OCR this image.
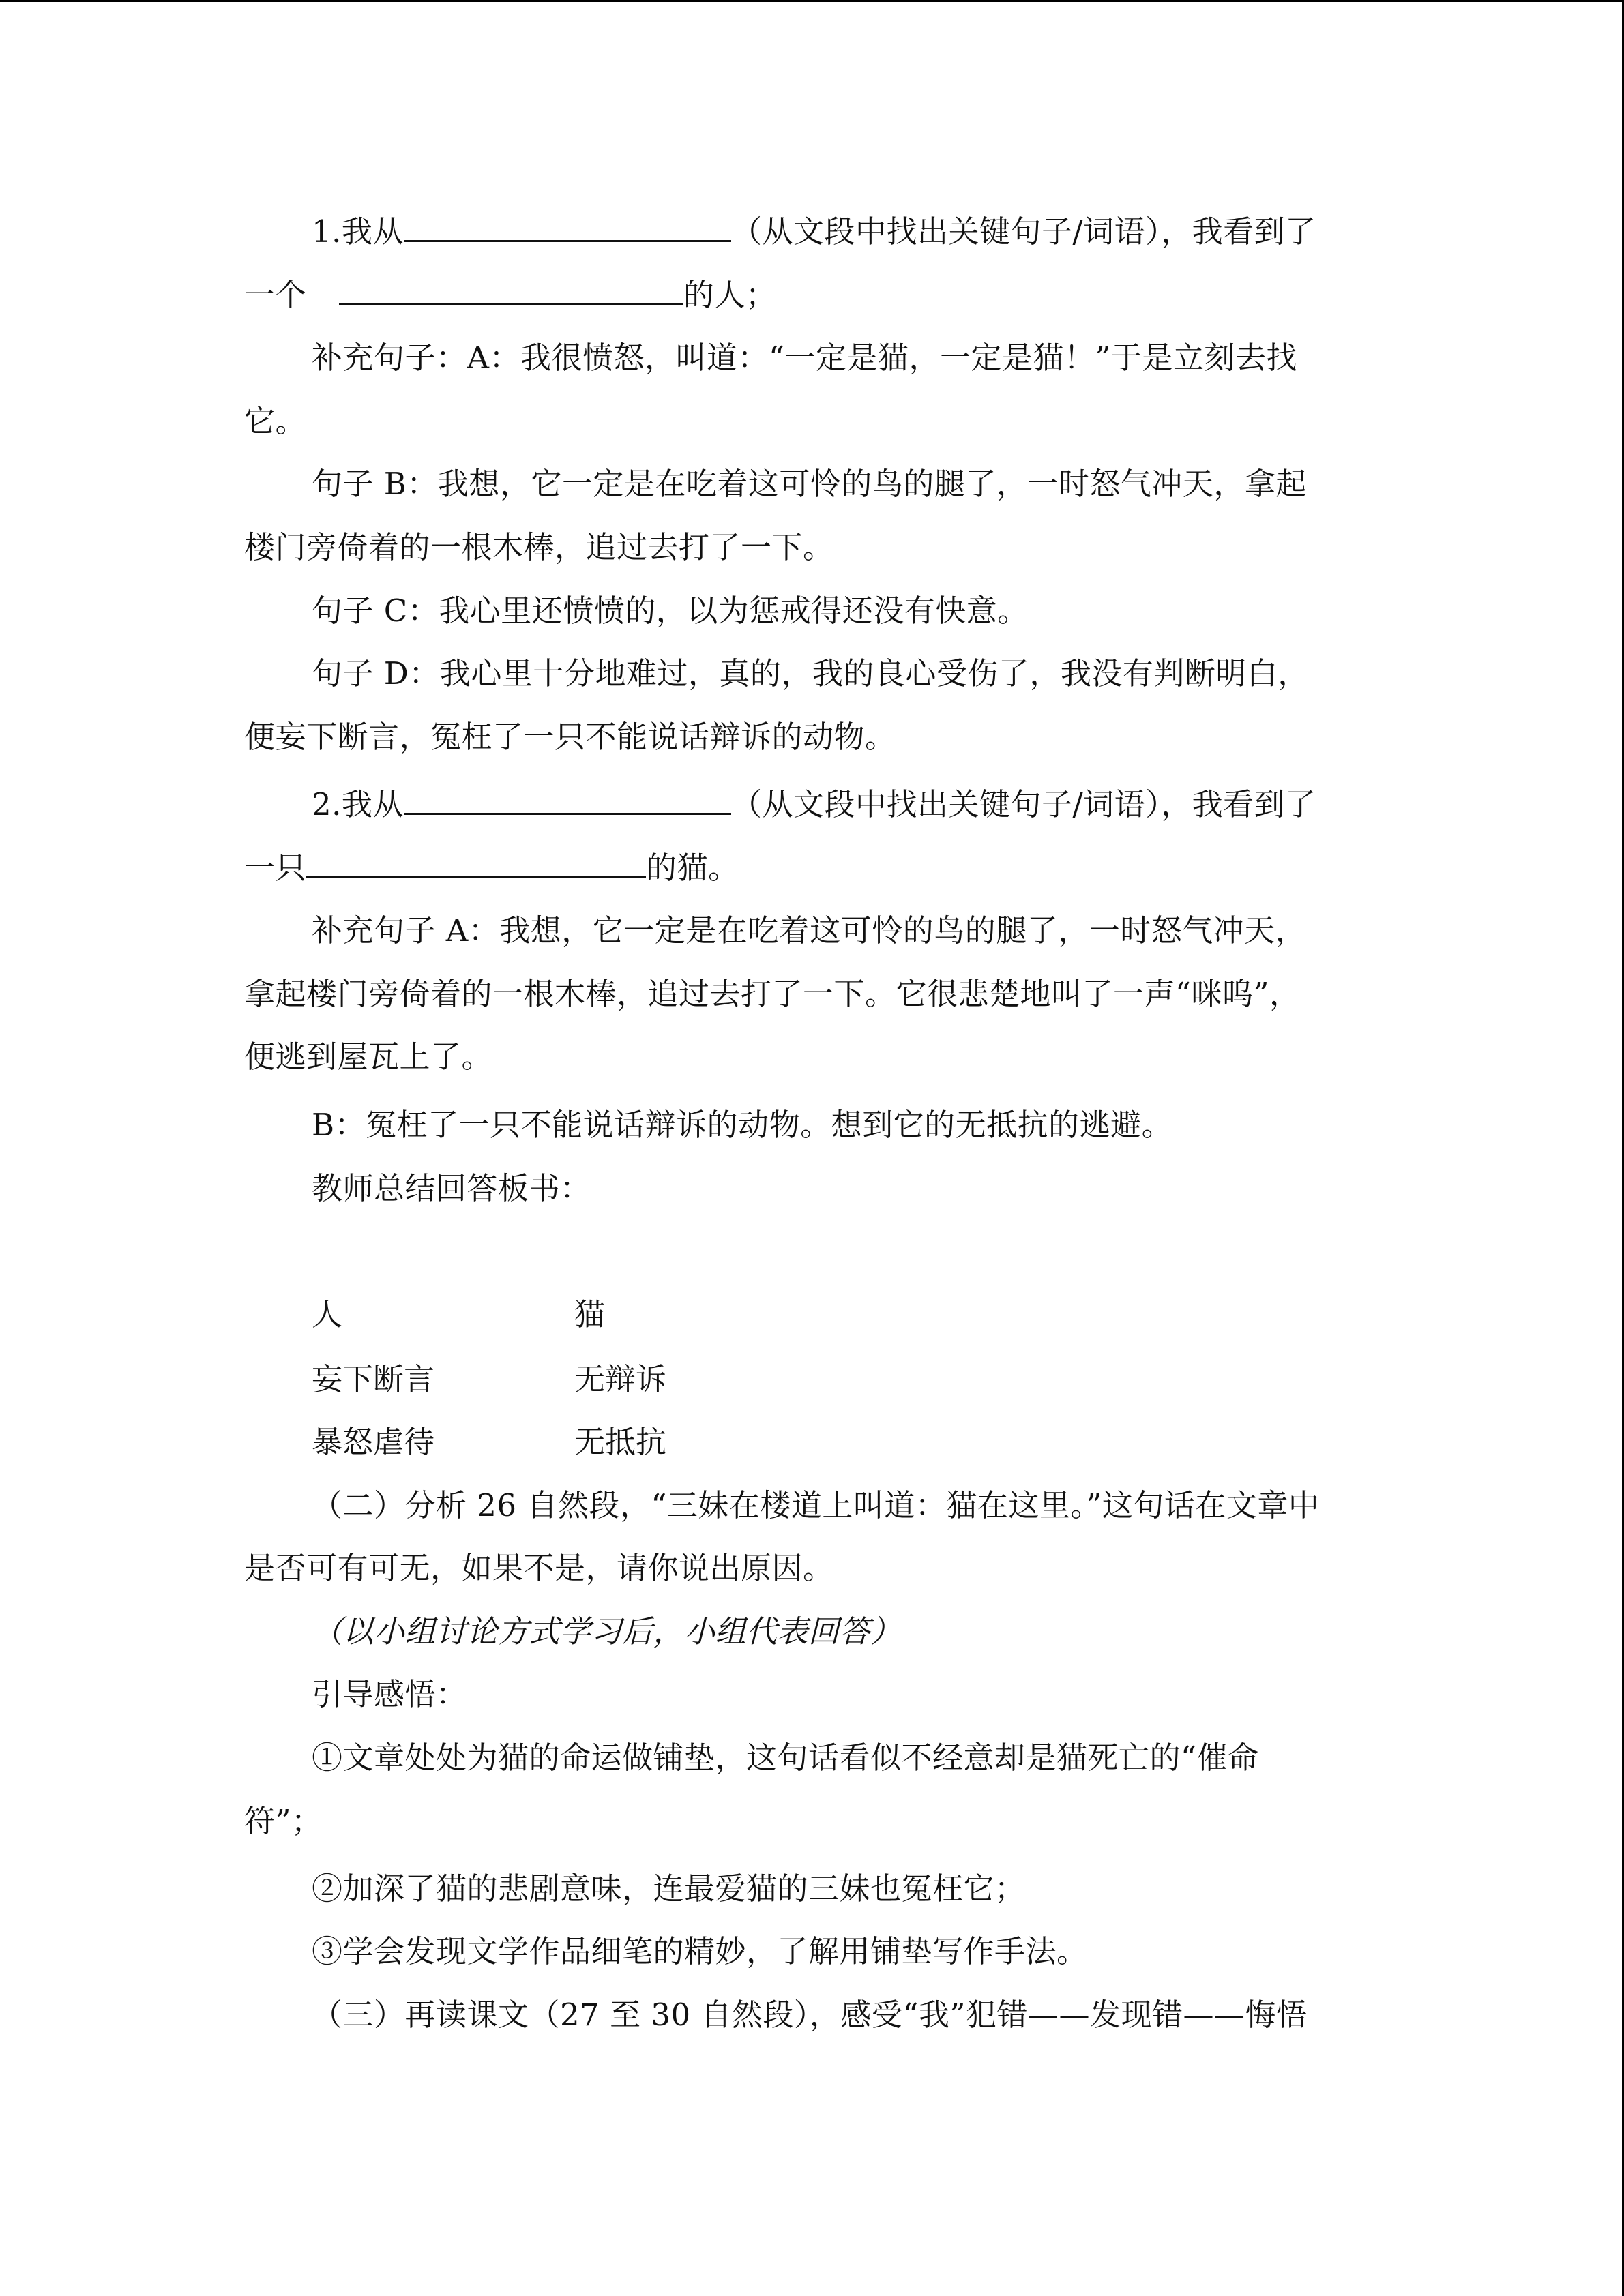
1.我从	（从文段中找出关键句子/词语），我看到了
一个	的人；
补充句子：A：我很愤怒，叫道：“一定是猫，一定是猫！”于是立刻去找
它。
句子 B：我想，它一定是在吃着这可怜的鸟的腿了，一时怒气冲天，拿起
楼门旁倚着的一根木棒，追过去打了一下。
句子 C：我心里还愤愤的，以为惩戒得还没有快意。
句子 D：我心里十分地难过，真的，我的良心受伤了，我没有判断明白，
便妄下断言，冤枉了一只不能说话辩诉的动物。
2.我从	（从文段中找出关键句子/词语），我看到了
一只	的猫。
补充句子 A：我想，它一定是在吃着这可怜的鸟的腿了，一时怒气冲天，
拿起楼门旁倚着的一根木棒，追过去打了一下。它很悲楚地叫了一声“咪呜”，
便逃到屋瓦上了。
B：冤枉了一只不能说话辩诉的动物。想到它的无抵抗的逃避。
教师总结回答板书：
人	猫
妄下断言	无辩诉
暴怒虐待	无抵抗
（二）分析 26 自然段，“三妹在楼道上叫道：猫在这里。”这句话在文章中
是否可有可无，如果不是，请你说出原因。
（以小组讨论方式学习后，小组代表回答）
引导感悟：
①文章处处为猫的命运做铺垫，这句话看似不经意却是猫死亡的“催命
符”；
②加深了猫的悲剧意味，连最爱猫的三妹也冤枉它；
③学会发现文学作品细笔的精妙，了解用铺垫写作手法。
（三）再读课文（27 至 30 自然段），感受“我”犯错——发现错——悔悟
